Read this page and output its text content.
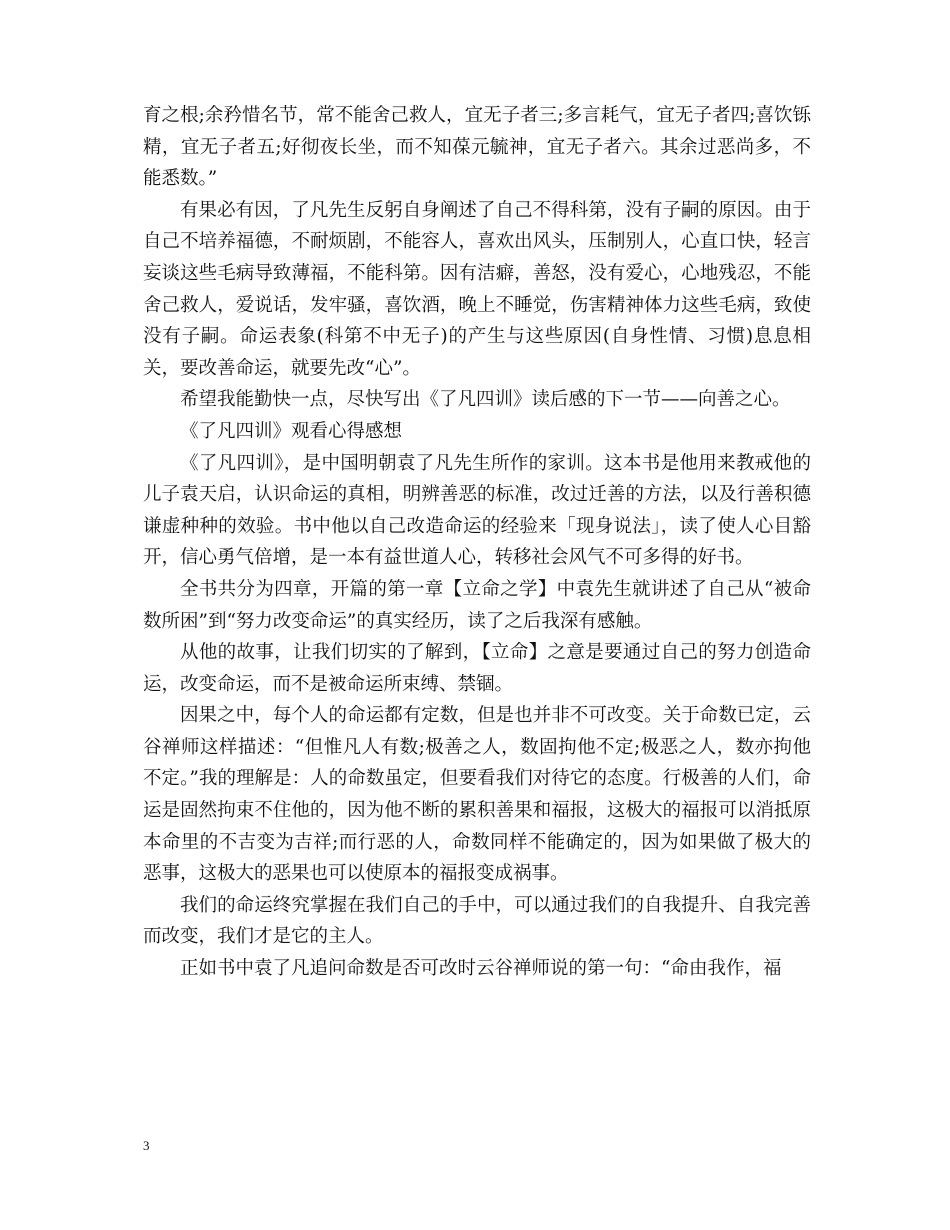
育之根;余矜惜名节，常不能舍己救人，宜无子者三;多言耗气，宜无子者四;喜饮铄精，宜无子者五;好彻夜长坐，而不知葆元毓神，宜无子者六。其余过恶尚多，不能悉数。”

有果必有因，了凡先生反躬自身阐述了自己不得科第，没有子嗣的原因。由于自己不培养福德，不耐烦剧，不能容人，喜欢出风头，压制别人，心直口快，轻言妄谈这些毛病导致薄福，不能科第。因有洁癖，善怒，没有爱心，心地残忍，不能舍己救人，爱说话，发牢骚，喜饮酒，晚上不睡觉，伤害精神体力这些毛病，致使没有子嗣。命运表象(科第不中无子)的产生与这些原因(自身性情、习惯)息息相关，要改善命运，就要先改“心”。

希望我能勤快一点，尽快写出《了凡四训》读后感的下一节——向善之心。

《了凡四训》观看心得感想

《了凡四训》，是中国明朝袁了凡先生所作的家训。这本书是他用来教戒他的儿子袁天启，认识命运的真相，明辨善恶的标准，改过迁善的方法，以及行善积德谦虚种种的效验。书中他以自己改造命运的经验来「现身说法」，读了使人心目豁开，信心勇气倍增，是一本有益世道人心，转移社会风气不可多得的好书。

全书共分为四章，开篇的第一章【立命之学】中袁先生就讲述了自己从“被命数所困”到“努力改变命运”的真实经历，读了之后我深有感触。

从他的故事，让我们切实的了解到，【立命】之意是要通过自己的努力创造命运，改变命运，而不是被命运所束缚、禁锢。

因果之中，每个人的命运都有定数，但是也并非不可改变。关于命数已定，云谷禅师这样描述：“但惟凡人有数;极善之人，数固拘他不定;极恶之人，数亦拘他不定。”我的理解是：人的命数虽定，但要看我们对待它的态度。行极善的人们，命运是固然拘束不住他的，因为他不断的累积善果和福报，这极大的福报可以消抵原本命里的不吉变为吉祥;而行恶的人，命数同样不能确定的，因为如果做了极大的恶事，这极大的恶果也可以使原本的福报变成祸事。

我们的命运终究掌握在我们自己的手中，可以通过我们的自我提升、自我完善而改变，我们才是它的主人。

正如书中袁了凡追问命数是否可改时云谷禅师说的第一句：“命由我作，福

3
